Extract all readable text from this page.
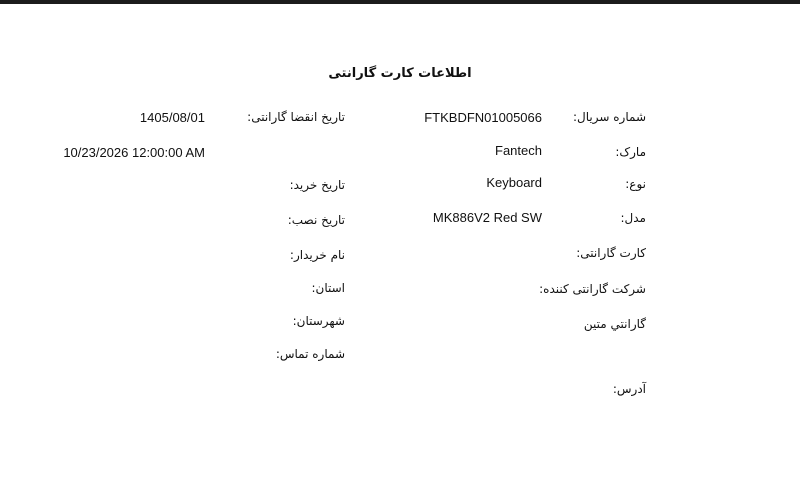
اطلاعات کارت گارانتی
شماره سریال:
مارک:
نوع:
مدل:
کارت گارانتی:
شرکت گارانتی کننده:
گارانتي متين
آدرس:
FTKBDFN01005066
Fantech
Keyboard
MK886V2 Red SW
تاریخ انقضا گارانتی:
تاریخ خرید:
تاریخ نصب:
نام خریدار:
استان:
شهرستان:
شماره تماس:
1405/08/01
10/23/2026 12:00:00 AM
